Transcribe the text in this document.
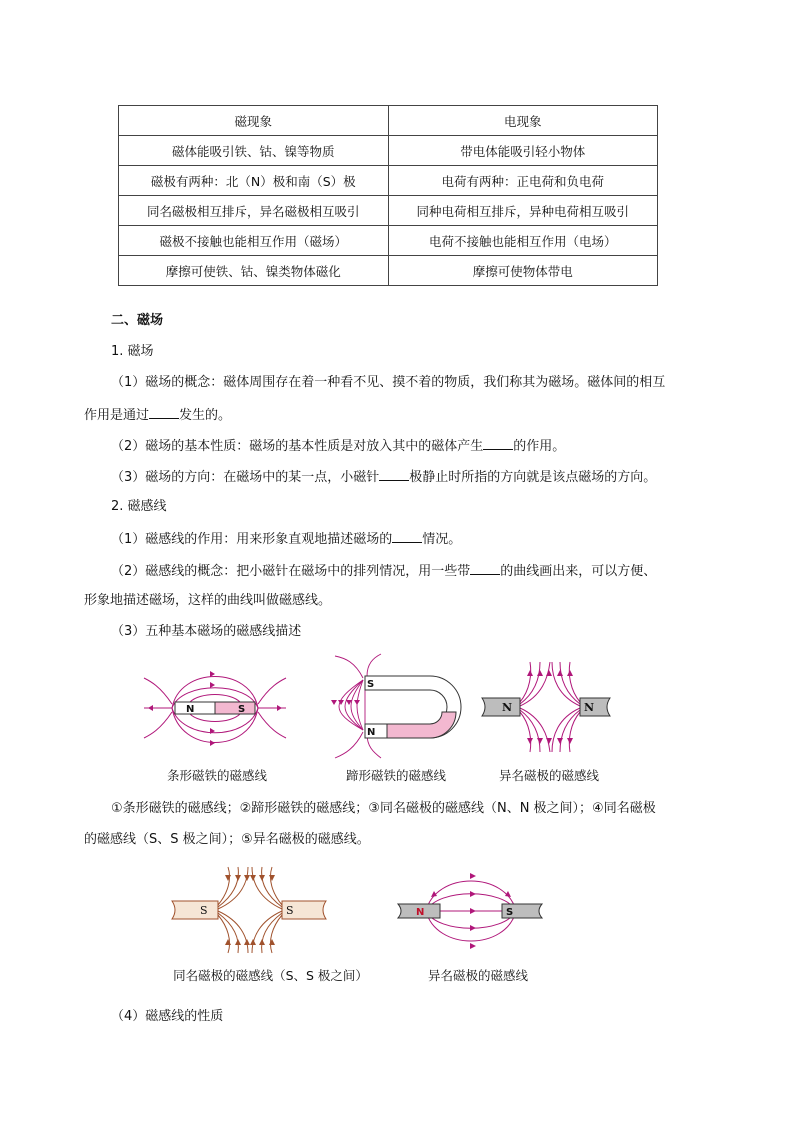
磁现象	电现象
磁体能吸引铁、钴、镍等物质	带电体能吸引轻小物体
磁极有两种：北（N）极和南（S）极	电荷有两种：正电荷和负电荷
同名磁极相互排斥，异名磁极相互吸引	同种电荷相互排斥，异种电荷相互吸引
磁极不接触也能相互作用（磁场）	电荷不接触也能相互作用（电场）
摩擦可使铁、钴、镍类物体磁化	摩擦可使物体带电
二、磁场
1. 磁场
（1）磁场的概念：磁体周围存在着一种看不见、摸不着的物质，我们称其为磁场。磁体间的相互
作用是通过 发生的。
（2）磁场的基本性质：磁场的基本性质是对放入其中的磁体产生 的作用。
（3）磁场的方向：在磁场中的某一点，小磁针 极静止时所指的方向就是该点磁场的方向。
2. 磁感线
（1）磁感线的作用：用来形象直观地描述磁场的 情况。
（2）磁感线的概念：把小磁针在磁场中的排列情况，用一些带 的曲线画出来，可以方便、
形象地描述磁场，这样的曲线叫做磁感线。
（3）五种基本磁场的磁感线描述
N	S
条形磁铁的磁感线
S
N
蹄形磁铁的磁感线
N	N
异名磁极的磁感线
①条形磁铁的磁感线；②蹄形磁铁的磁感线；③同名磁极的磁感线（N、N 极之间）；④同名磁极
的磁感线（S、S 极之间）；⑤异名磁极的磁感线。
S	S
同名磁极的磁感线（S、S 极之间）
N	S
异名磁极的磁感线
（4）磁感线的性质
